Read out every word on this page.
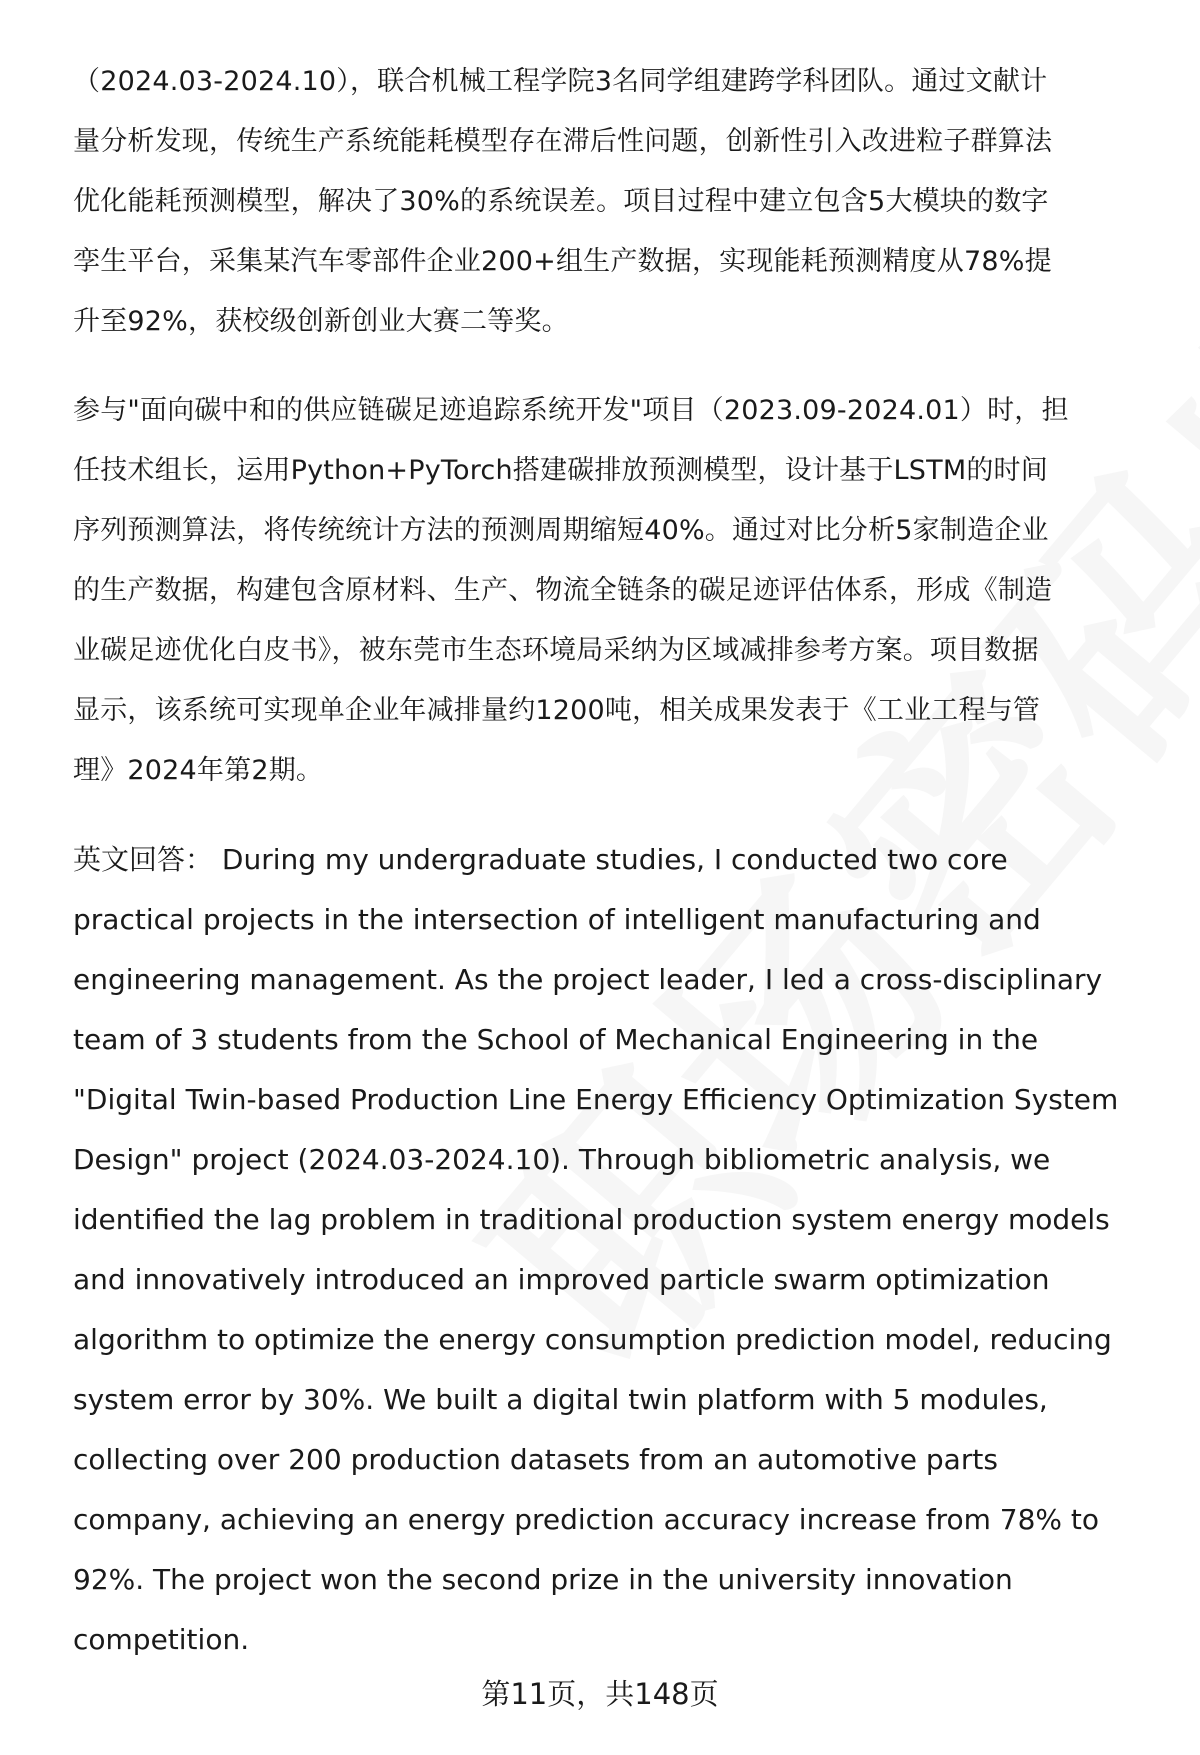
（2024.03-2024.10），联合机械工程学院3名同学组建跨学科团队。通过文献计
量分析发现，传统生产系统能耗模型存在滞后性问题，创新性引入改进粒子群算法
优化能耗预测模型，解决了30%的系统误差。项目过程中建立包含5大模块的数字
孪生平台，采集某汽车零部件企业200+组生产数据，实现能耗预测精度从78%提
升至92%，获校级创新创业大赛二等奖。
参与"面向碳中和的供应链碳足迹追踪系统开发"项目（2023.09-2024.01）时，担
任技术组长，运用Python+PyTorch搭建碳排放预测模型，设计基于LSTM的时间
序列预测算法，将传统统计方法的预测周期缩短40%。通过对比分析5家制造企业
的生产数据，构建包含原材料、生产、物流全链条的碳足迹评估体系，形成《制造
业碳足迹优化白皮书》，被东莞市生态环境局采纳为区域减排参考方案。项目数据
显示，该系统可实现单企业年减排量约1200吨，相关成果发表于《工业工程与管
理》2024年第2期。
英文回答： During my undergraduate studies, I conducted two core
practical projects in the intersection of intelligent manufacturing and
engineering management. As the project leader, I led a cross-disciplinary
team of 3 students from the School of Mechanical Engineering in the
"Digital Twin-based Production Line Energy Efficiency Optimization System
Design" project (2024.03-2024.10). Through bibliometric analysis, we
identified the lag problem in traditional production system energy models
and innovatively introduced an improved particle swarm optimization
algorithm to optimize the energy consumption prediction model, reducing
system error by 30%. We built a digital twin platform with 5 modules,
collecting over 200 production datasets from an automotive parts
company, achieving an energy prediction accuracy increase from 78% to
92%. The project won the second prize in the university innovation
competition.
第11页，共148页
